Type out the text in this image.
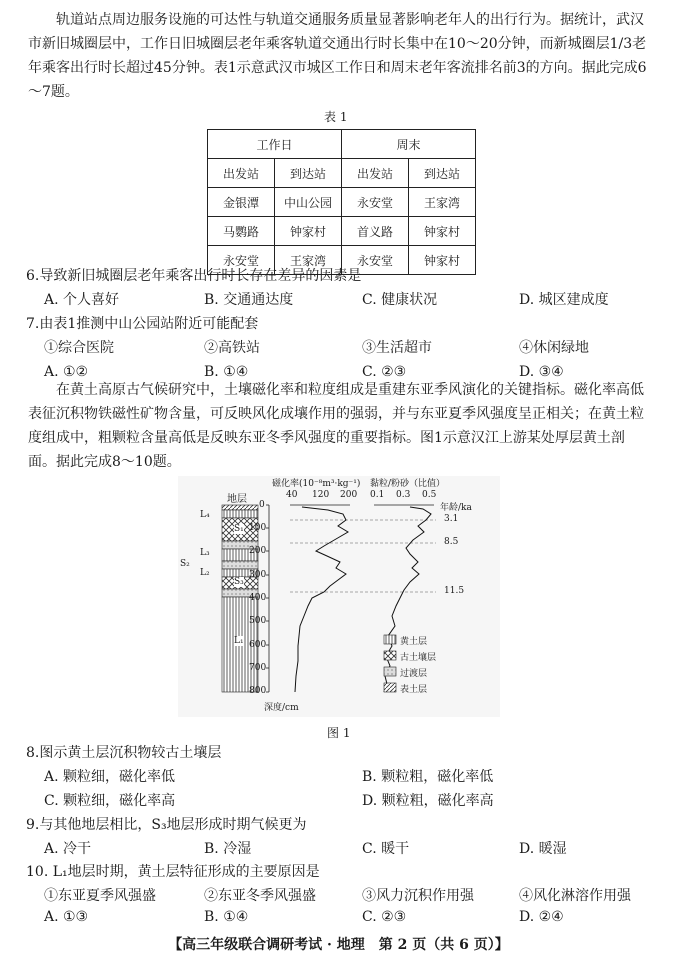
轨道站点周边服务设施的可达性与轨道交通服务质量显著影响老年人的出行行为。据统计，武汉市新旧城圈层中，工作日旧城圈层老年乘客轨道交通出行时长集中在10～20分钟，而新城圈层1/3老年乘客出行时长超过45分钟。表1示意武汉市城区工作日和周末老年客流排名前3的方向。据此完成6～7题。
表 1
工作日		周末	
出发站	到达站	出发站	到达站
金银潭	中山公园	永安堂	王家湾
马鹦路	钟家村	首义路	钟家村
永安堂	王家湾	永安堂	钟家村
6.导致新旧城圈层老年乘客出行时长存在差异的因素是
A. 个人喜好	B. 交通通达度	C. 健康状况	D. 城区建成度
7.由表1推测中山公园站附近可能配套
①综合医院	②高铁站	③生活超市	④休闲绿地
A. ①②	B. ①④	C. ②③	D. ③④
在黄土高原古气候研究中，土壤磁化率和粒度组成是重建东亚季风演化的关键指标。磁化率高低表征沉积物铁磁性矿物含量，可反映风化成壤作用的强弱，并与东亚夏季风强度呈正相关；在黄土粒度组成中，粗颗粒含量高低是反映东亚冬季风强度的重要指标。图1示意汉江上游某处厚层黄土剖面。据此完成8～10题。
地层
磁化率(10⁻⁸m³·kg⁻¹) 黏粒/粉砂（比值）
40 120 200 0.1 0.3 0.5
年龄/ka
3.1
8.5
11.5
0
100
200
300
400
500
600
700
800
深度/cm
L₄
S₁
L₃
S₂
L₂
S₃
L₁	黄土层
古土壤层
过渡层
表土层
图 1
8.图示黄土层沉积物较古土壤层
A. 颗粒细，磁化率低	B. 颗粒粗，磁化率低
C. 颗粒细，磁化率高	D. 颗粒粗，磁化率高
9.与其他地层相比，S₃地层形成时期气候更为
A. 冷干	B. 冷湿	C. 暖干	D. 暖湿
10. L₁地层时期，黄土层特征形成的主要原因是
①东亚夏季风强盛	②东亚冬季风强盛	③风力沉积作用强	④风化淋溶作用强
A. ①③	B. ①④	C. ②③	D. ②④
【高三年级联合调研考试 · 地理　第 2 页（共 6 页）】
